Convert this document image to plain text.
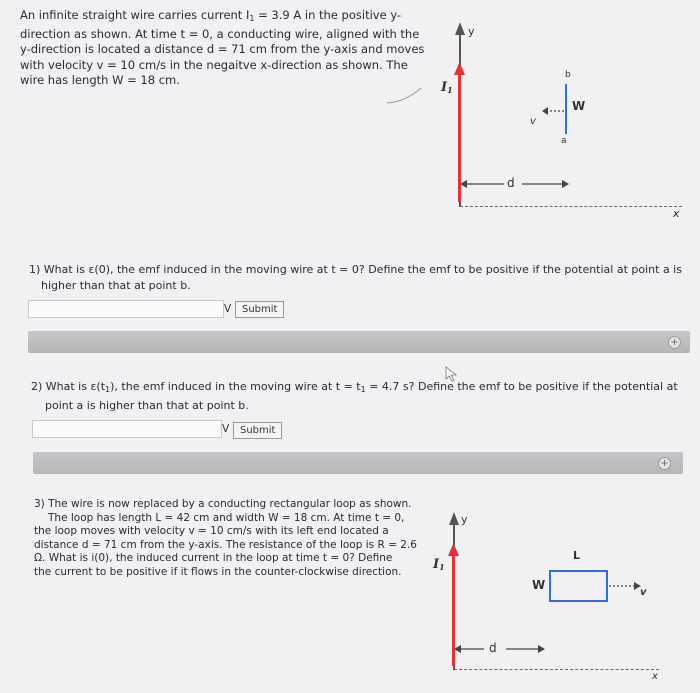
An infinite straight wire carries current $I_1 = 3.9$ A in the positive y-
direction as shown. At time t = 0, a conducting wire, aligned with the
y-direction is located a distance d = 71 cm from the y-axis and moves
with velocity v = 10 cm/s in the negaitve x-direction as shown. The
wire has length W = 18 cm.
y
x
$I_1$
b
a
W
v
d
1) What is ε(0), the emf induced in the moving wire at t = 0? Define the emf to be positive if the potential at point a is
higher than that at point b.
V	Submit
+
2) What is $\varepsilon(t_1)$, the emf induced in the moving wire at $t = t_1 = 4.7$ s? Define the emf to be positive if the potential at
point a is higher than that at point b.
V	Submit
+
3) The wire is now replaced by a conducting rectangular loop as shown.
The loop has length L = 42 cm and width W = 18 cm. At time t = 0,
the loop moves with velocity v = 10 cm/s with its left end located a
distance d = 71 cm from the y-axis. The resistance of the loop is R = 2.6
Ω. What is i(0), the induced current in the loop at time t = 0? Define
the current to be positive if it flows in the counter-clockwise direction.
y
x
$I_1$
L
W
v
d
